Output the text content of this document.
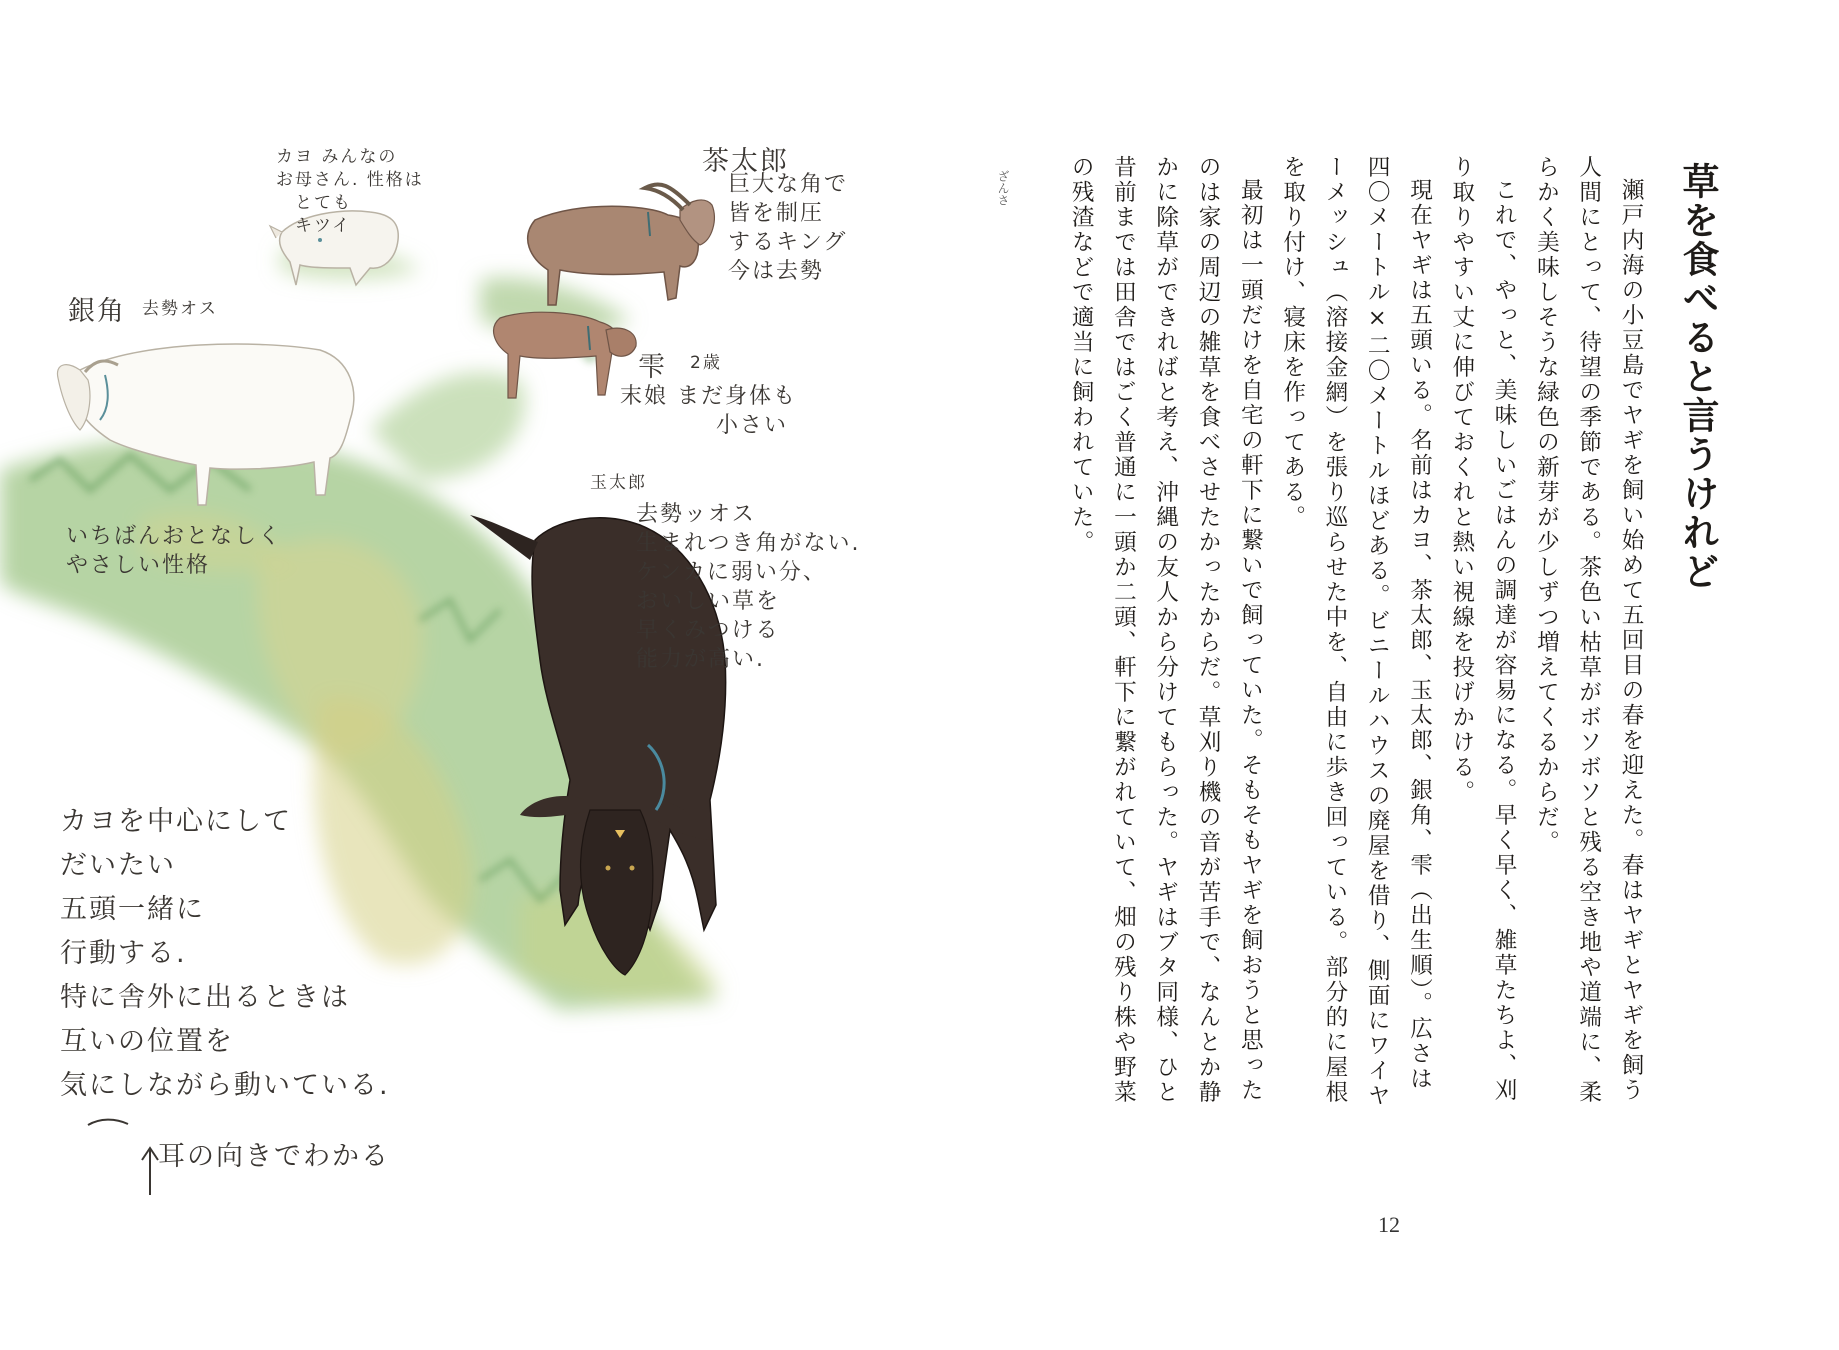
カヨ みんなの
お母さん. 性格は
　とても
　キツイ
茶太郎
巨大な角で
皆を制圧
するキング
今は去勢
銀角 去勢オス
雫 2歳
末娘 まだ身体も
　　　　小さい
いちばんおとなしく
やさしい性格
玉太郎
去勢ッオス
生まれつき角がない.
ケンカに弱い分、
おいしい草を
早くみつける
能力が高い.
カヨを中心にして
だいたい
五頭一緒に
行動する.
特に舎外に出るときは
互いの位置を
気にしながら動いている.
耳の向きでわかる
草を食べると言うけれど

瀬戸内海の小豆島でヤギを飼い始めて五回目の春を迎えた。春はヤギとヤギを飼う人間にとって、待望の季節である。茶色い枯草がボソボソと残る空き地や道端に、柔らかく美味しそうな緑色の新芽が少しずつ増えてくるからだ。

これで、やっと、美味しいごはんの調達が容易になる。早く早く、雑草たちよ、刈り取りやすい丈に伸びておくれと熱い視線を投げかける。

現在ヤギは五頭いる。名前はカヨ、茶太郎、玉太郎、銀角、雫（出生順）。広さは四〇メートル×二〇メートルほどある。ビニールハウスの廃屋を借り、側面にワイヤーメッシュ（溶接金網）を張り巡らせた中を、自由に歩き回っている。部分的に屋根を取り付け、寝床を作ってある。

最初は一頭だけを自宅の軒下に繋いで飼っていた。そもそもヤギを飼おうと思ったのは家の周辺の雑草を食べさせたかったからだ。草刈り機の音が苦手で、なんとか静かに除草ができればと考え、沖縄の友人から分けてもらった。ヤギはブタ同様、ひと昔前までは田舎ではごく普通に一頭か二頭、軒下に繋がれていて、畑の残り株や野菜の残渣などで適当に飼われていた。

ざんさ
12
